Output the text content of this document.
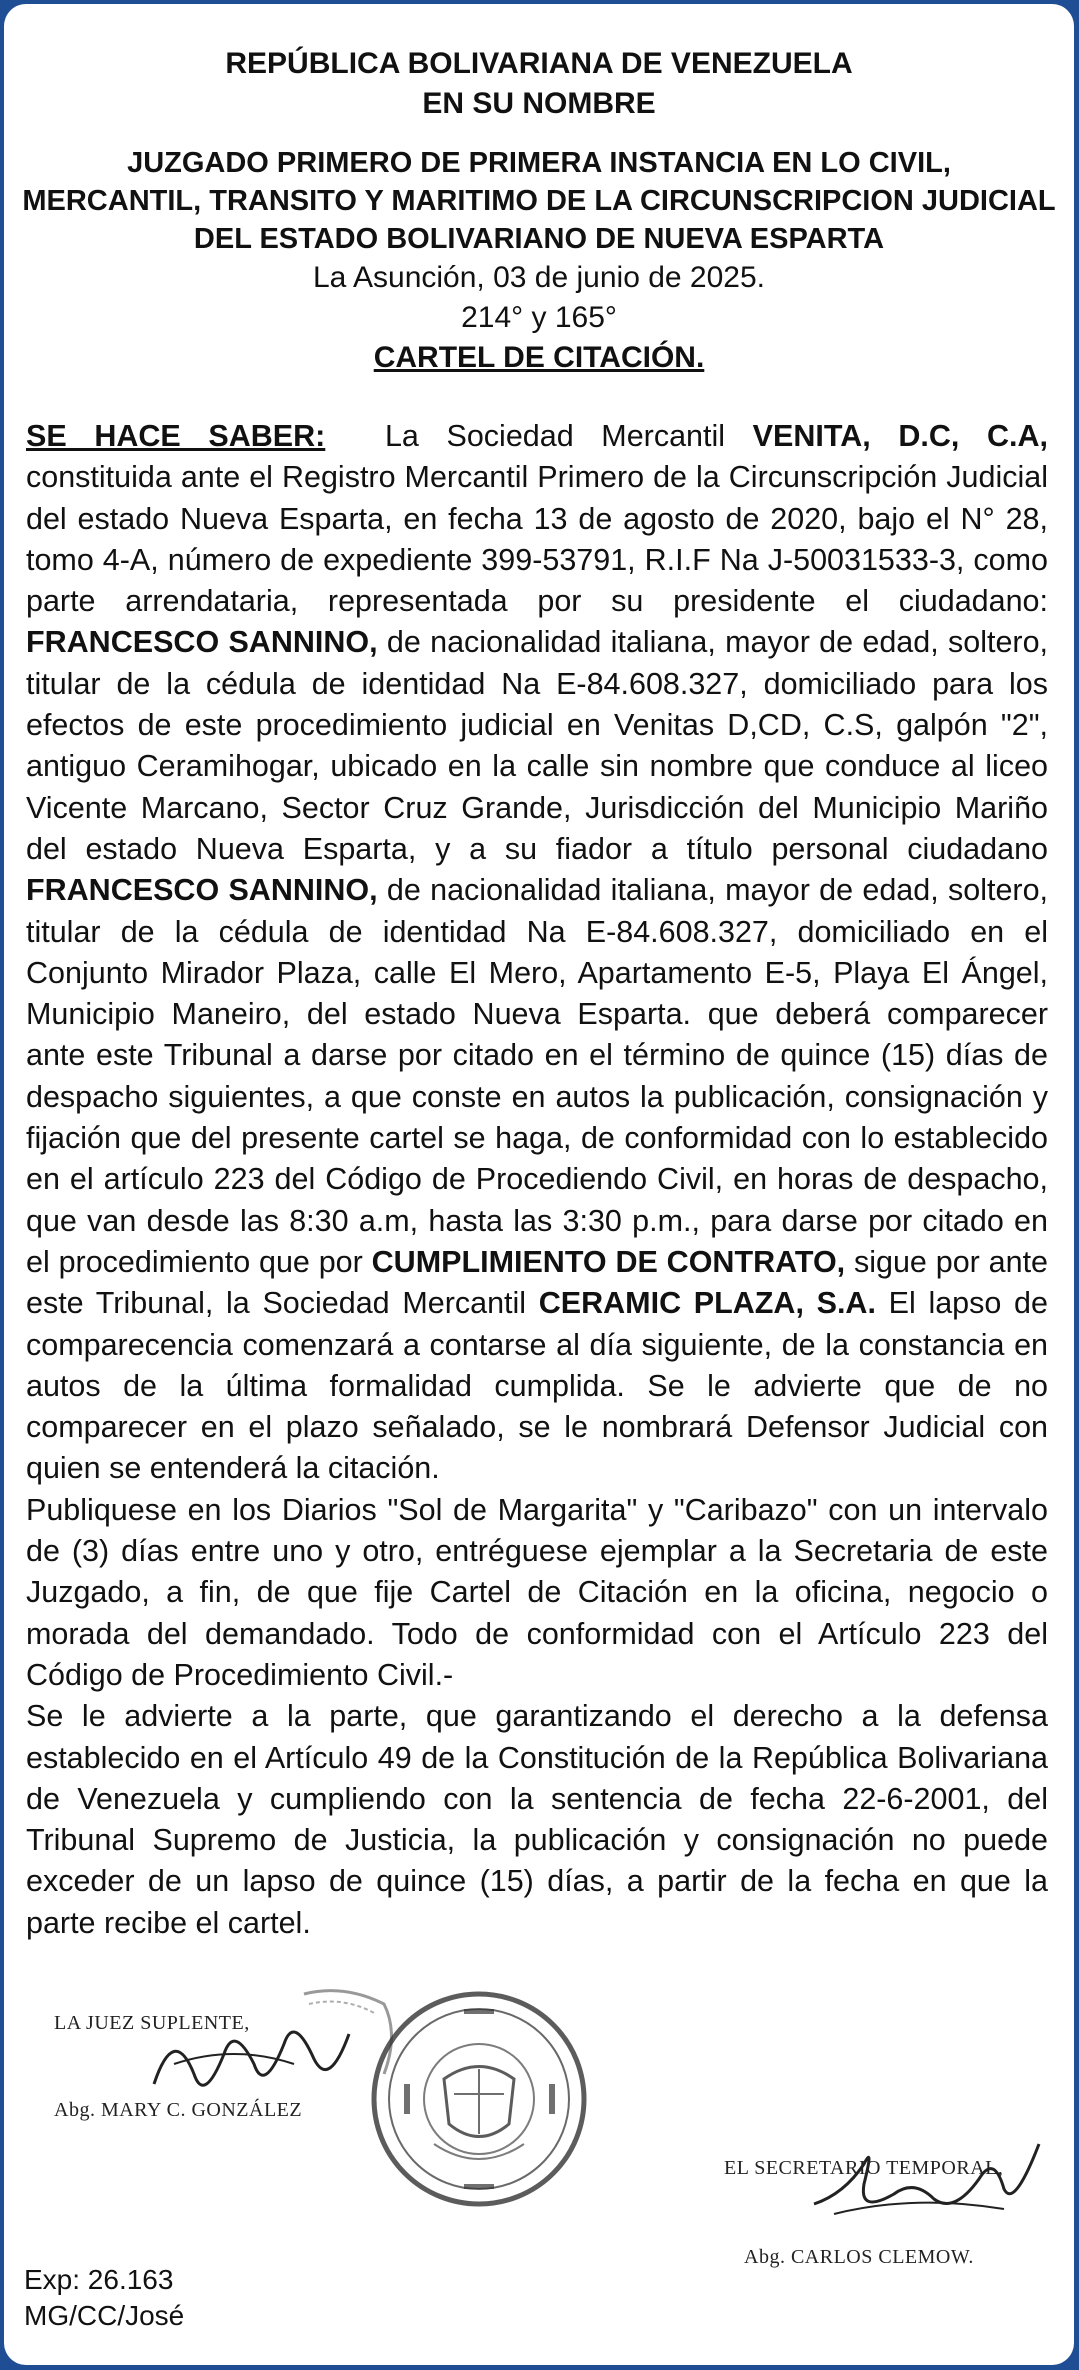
REPÚBLICA BOLIVARIANA DE VENEZUELA
EN SU NOMBRE
JUZGADO PRIMERO DE PRIMERA INSTANCIA EN LO CIVIL,
MERCANTIL, TRANSITO Y MARITIMO DE LA CIRCUNSCRIPCION JUDICIAL
DEL ESTADO BOLIVARIANO DE NUEVA ESPARTA
La Asunción, 03 de junio de 2025.
214° y 165°
CARTEL DE CITACIÓN.

SE HACE SABER: La Sociedad Mercantil VENITA, D.C, C.A, constituida ante el Registro Mercantil Primero de la Circunscripción Judicial del estado Nueva Esparta, en fecha 13 de agosto de 2020, bajo el N° 28, tomo 4-A, número de expediente 399-53791, R.I.F Na J-50031533-3, como parte arrendataria, representada por su presidente el ciudadano: FRANCESCO SANNINO, de nacionalidad italiana, mayor de edad, soltero, titular de la cédula de identidad Na E-84.608.327, domiciliado para los efectos de este procedimiento judicial en Venitas D,CD, C.S, galpón "2", antiguo Ceramihogar, ubicado en la calle sin nombre que conduce al liceo Vicente Marcano, Sector Cruz Grande, Jurisdicción del Municipio Mariño del estado Nueva Esparta, y a su fiador a título personal ciudadano FRANCESCO SANNINO, de nacionalidad italiana, mayor de edad, soltero, titular de la cédula de identidad Na E-84.608.327, domiciliado en el Conjunto Mirador Plaza, calle El Mero, Apartamento E-5, Playa El Ángel, Municipio Maneiro, del estado Nueva Esparta. que deberá comparecer ante este Tribunal a darse por citado en el término de quince (15) días de despacho siguientes, a que conste en autos la publicación, consignación y fijación que del presente cartel se haga, de conformidad con lo establecido en el artículo 223 del Código de Procediendo Civil, en horas de despacho, que van desde las 8:30 a.m, hasta las 3:30 p.m., para darse por citado en el procedimiento que por CUMPLIMIENTO DE CONTRATO, sigue por ante este Tribunal, la Sociedad Mercantil CERAMIC PLAZA, S.A. El lapso de comparecencia comenzará a contarse al día siguiente, de la constancia en autos de la última formalidad cumplida. Se le advierte que de no comparecer en el plazo señalado, se le nombrará Defensor Judicial con quien se entenderá la citación.

Publiquese en los Diarios "Sol de Margarita" y "Caribazo" con un intervalo de (3) días entre uno y otro, entréguese ejemplar a la Secretaria de este Juzgado, a fin, de que fije Cartel de Citación en la oficina, negocio o morada del demandado. Todo de conformidad con el Artículo 223 del Código de Procedimiento Civil.-

Se le advierte a la parte, que garantizando el derecho a la defensa establecido en el Artículo 49 de la Constitución de la República Bolivariana de Venezuela y cumpliendo con la sentencia de fecha 22-6-2001, del Tribunal Supremo de Justicia, la publicación y consignación no puede exceder de un lapso de quince (15) días, a partir de la fecha en que la parte recibe el cartel.

LA JUEZ SUPLENTE,
Abg. MARY C. GONZÁLEZ
EL SECRETARIO TEMPORAL,
Abg. CARLOS CLEMOW.
Exp: 26.163
MG/CC/José
